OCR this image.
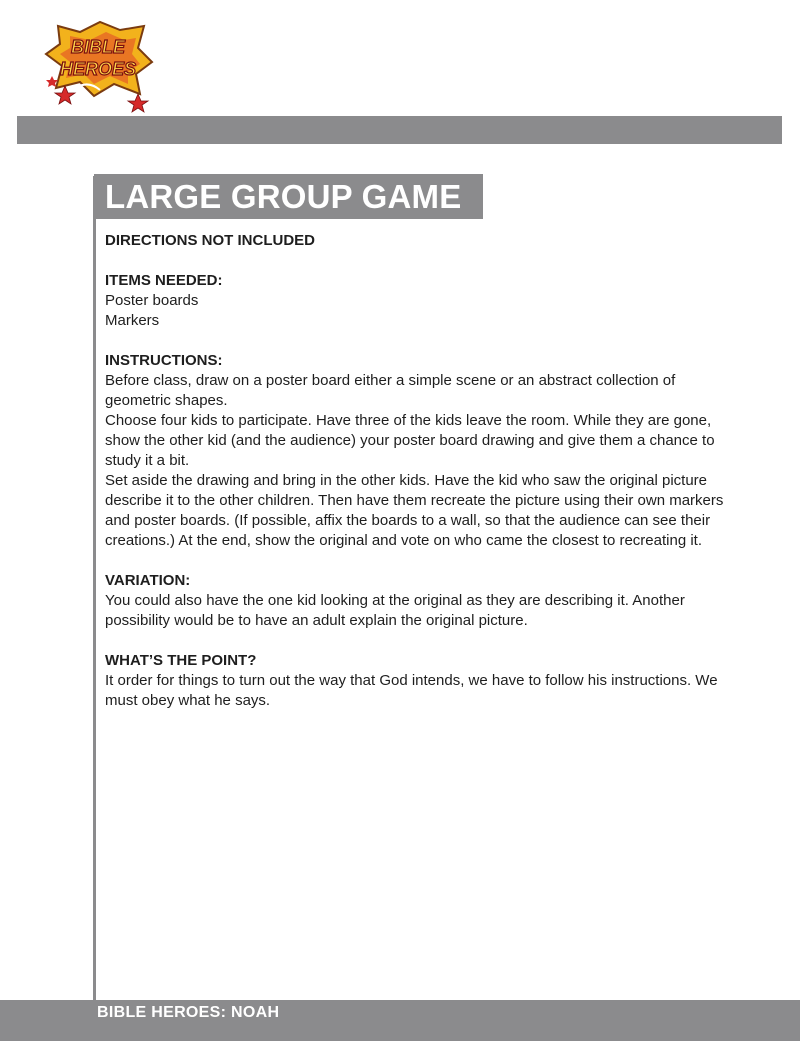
BIBLE
HEROES
LARGE GROUP GAME
DIRECTIONS NOT INCLUDED
ITEMS NEEDED:

Poster boards

Markers

INSTRUCTIONS:

Before class, draw on a poster board either a simple scene or an abstract collection of geometric shapes.

Choose four kids to participate. Have three of the kids leave the room. While they are gone, show the other kid (and the audience) your poster board drawing and give them a chance to study it a bit.

Set aside the drawing and bring in the other kids. Have the kid who saw the original picture describe it to the other children. Then have them recreate the picture using their own markers and poster boards. (If possible, affix the boards to a wall, so that the audience can see their creations.) At the end, show the original and vote on who came the closest to recreating it.

VARIATION:

You could also have the one kid looking at the original as they are describing it. Another possibility would be to have an adult explain the original picture.

WHAT’S THE POINT?

It order for things to turn out the way that God intends, we have to follow his instructions. We must obey what he says.

BIBLE HEROES: NOAH
